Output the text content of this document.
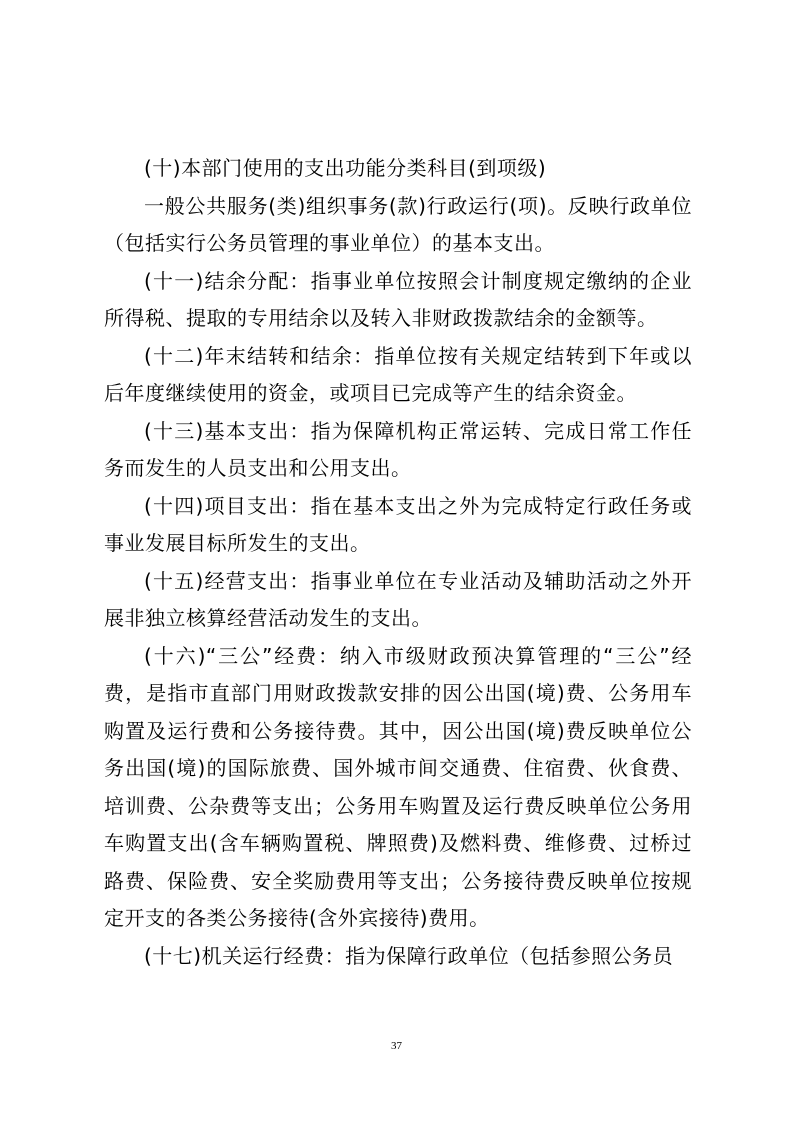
(十)本部门使用的支出功能分类科目(到项级)

一般公共服务(类)组织事务(款)行政运行(项)。反映行政单位（包括实行公务员管理的事业单位）的基本支出。

(十一)结余分配：指事业单位按照会计制度规定缴纳的企业所得税、提取的专用结余以及转入非财政拨款结余的金额等。

(十二)年末结转和结余：指单位按有关规定结转到下年或以后年度继续使用的资金，或项目已完成等产生的结余资金。

(十三)基本支出：指为保障机构正常运转、完成日常工作任务而发生的人员支出和公用支出。

(十四)项目支出：指在基本支出之外为完成特定行政任务或事业发展目标所发生的支出。

(十五)经营支出：指事业单位在专业活动及辅助活动之外开展非独立核算经营活动发生的支出。

(十六)“三公”经费：纳入市级财政预决算管理的“三公”经费，是指市直部门用财政拨款安排的因公出国(境)费、公务用车购置及运行费和公务接待费。其中，因公出国(境)费反映单位公务出国(境)的国际旅费、国外城市间交通费、住宿费、伙食费、培训费、公杂费等支出；公务用车购置及运行费反映单位公务用车购置支出(含车辆购置税、牌照费)及燃料费、维修费、过桥过路费、保险费、安全奖励费用等支出；公务接待费反映单位按规定开支的各类公务接待(含外宾接待)费用。

(十七)机关运行经费：指为保障行政单位（包括参照公务员

37
